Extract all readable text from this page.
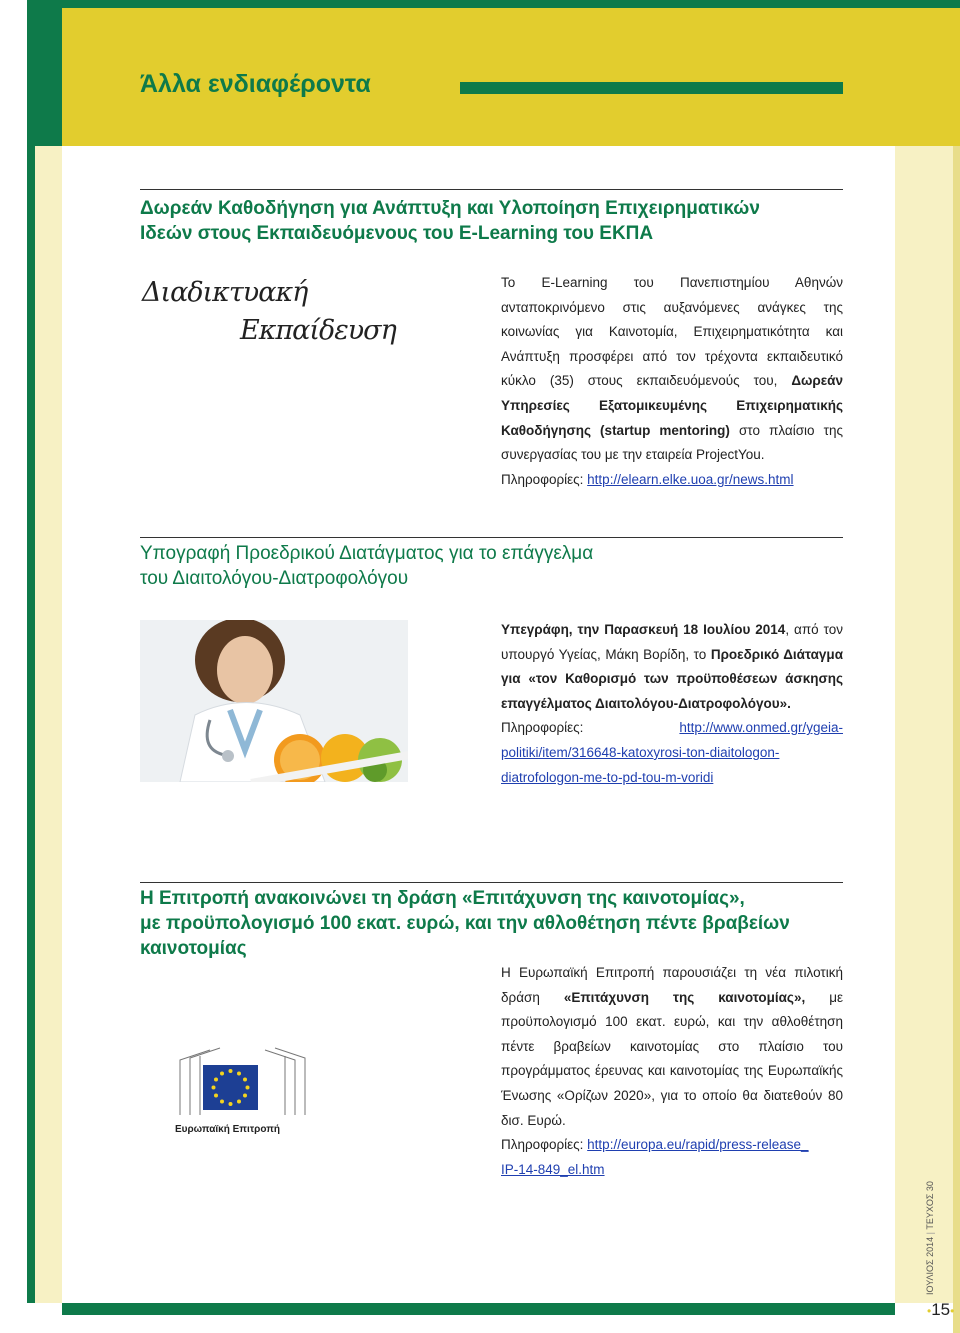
Άλλα ενδιαφέροντα
Δωρεάν Καθοδήγηση για Ανάπτυξη και Υλοποίηση Επιχειρηματικών
Ιδεών στους Εκπαιδευόμενους του E-Learning του ΕΚΠΑ
Διαδικτυακή
Εκπαίδευση
Το E-Learning του Πανεπιστημίου Αθηνών ανταποκρινόμενο στις αυξανόμενες ανάγκες της κοινωνίας για Καινοτομία, Επιχειρηματικότητα και Ανάπτυξη προσφέρει από τον τρέχοντα εκπαιδευτικό κύκλο (35) στους εκπαιδευόμενούς του, Δωρεάν Υπηρεσίες Εξατομικευμένης Επιχειρηματικής Καθοδήγησης (startup mentoring) στο πλαίσιο της συνεργασίας του με την εταιρεία ProjectYou.
Πληροφορίες: http://elearn.elke.uoa.gr/news.html
Υπογραφή Προεδρικού Διατάγματος για το επάγγελμα
του Διαιτολόγου-Διατροφολόγου
Υπεγράφη, την Παρασκευή 18 Ιουλίου 2014, από τον υπουργό Υγείας, Μάκη Βορίδη, το Προεδρικό Διάταγμα για «τον Καθορισμό των προϋποθέσεων άσκησης επαγγέλματος Διαιτολόγου-Διατροφολόγου».

Πληροφορίες:	http://www.onmed.gr/ygeia-
politiki/item/316648-katoxyrosi-ton-diaitologon-
diatrofologon-me-to-pd-tou-m-voridi
Η Επιτροπή ανακοινώνει τη δράση «Επιτάχυνση της καινοτομίας»,
με προϋπολογισμό 100 εκατ. ευρώ, και την αθλοθέτηση πέντε βραβείων
καινοτομίας
Ευρωπαϊκή Επιτροπή
Η Ευρωπαϊκή Επιτροπή παρουσιάζει τη νέα πιλοτική δράση «Επιτάχυνση της καινοτομίας», με προϋπολογισμό 100 εκατ. ευρώ, και την αθλοθέτηση πέντε βραβείων καινοτομίας στο πλαίσιο του προγράμματος έρευνας και καινοτομίας της Ευρωπαϊκής Ένωσης «Ορίζων 2020», για το οποίο θα διατεθούν 80 δισ. Ευρώ.
Πληροφορίες: http://europa.eu/rapid/press-release_
IP-14-849_el.htm
ΙΟΥΛΙΟΣ 2014 | ΤΕΥΧΟΣ 30
•15•
